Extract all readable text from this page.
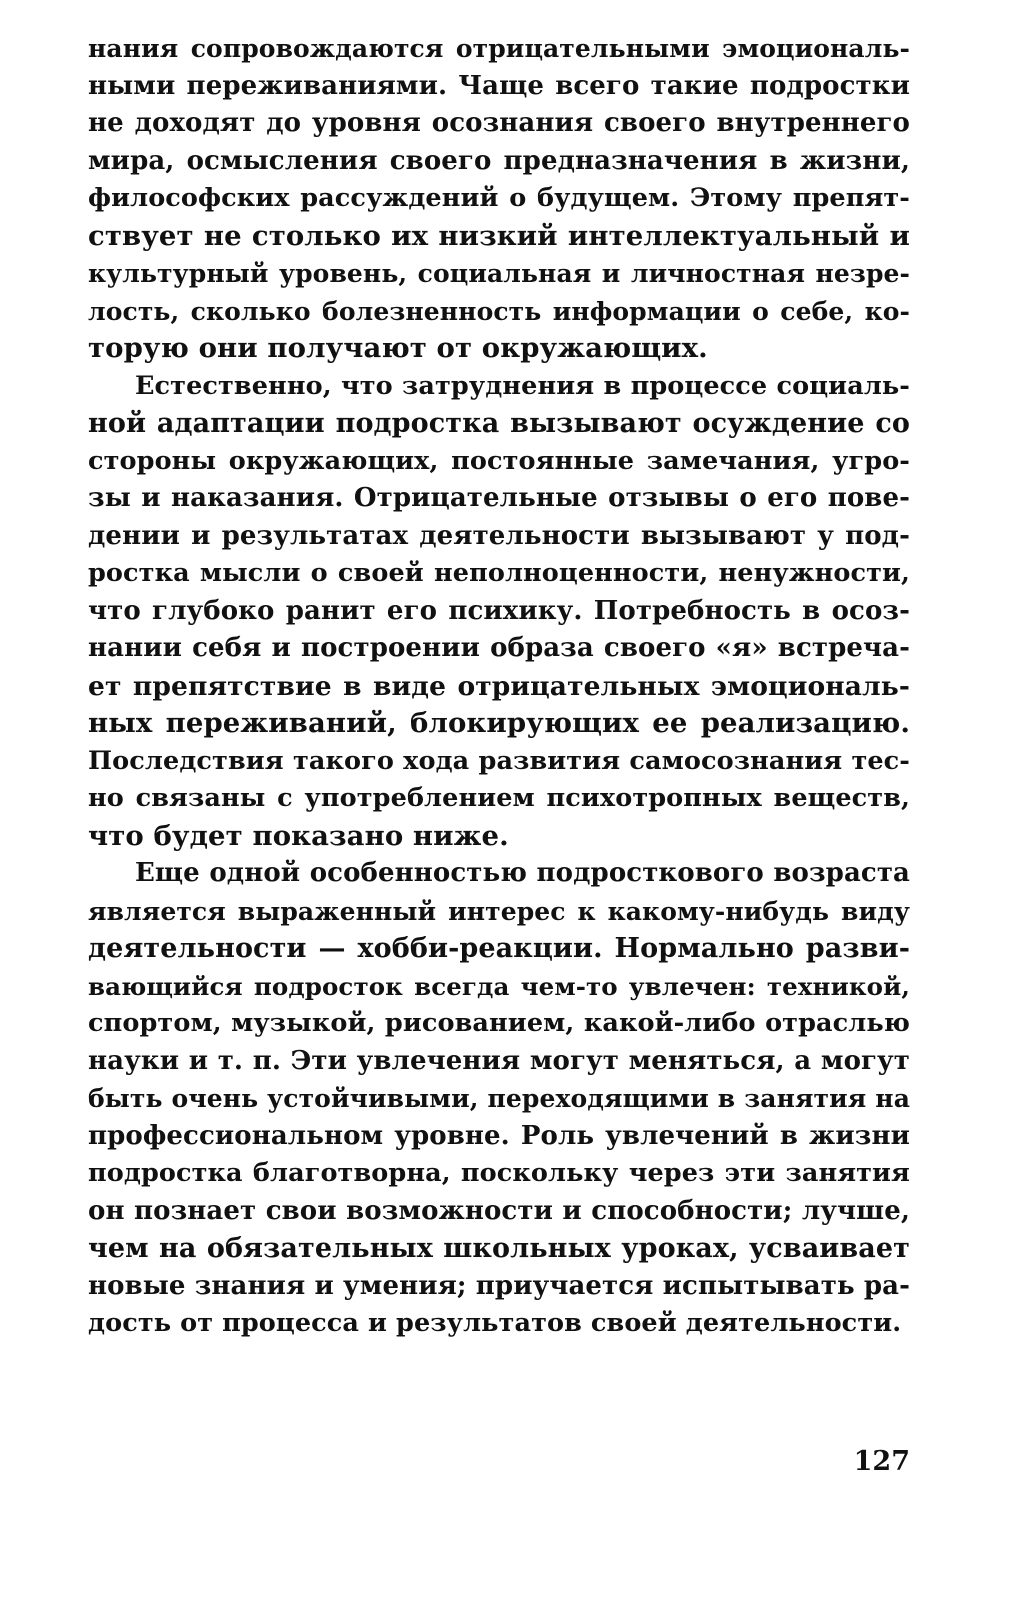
нания сопровождаются отрицательными эмоциональ-
ными переживаниями. Чаще всего такие подростки
не доходят до уровня осознания своего внутреннего
мира, осмысления своего предназначения в жизни,
философских рассуждений о будущем. Этому препят-
ствует не столько их низкий интеллектуальный и
культурный уровень, социальная и личностная незре-
лость, сколько болезненность информации о себе, ко-
торую они получают от окружающих.
Естественно, что затруднения в процессе социаль-
ной адаптации подростка вызывают осуждение со
стороны окружающих, постоянные замечания, угро-
зы и наказания. Отрицательные отзывы о его пове-
дении и результатах деятельности вызывают у под-
ростка мысли о своей неполноценности, ненужности,
что глубоко ранит его психику. Потребность в осоз-
нании себя и построении образа своего «я» встреча-
ет препятствие в виде отрицательных эмоциональ-
ных переживаний, блокирующих ее реализацию.
Последствия такого хода развития самосознания тес-
но связаны с употреблением психотропных веществ,
что будет показано ниже.
Еще одной особенностью подросткового возраста
является выраженный интерес к какому-нибудь виду
деятельности — хобби-реакции. Нормально разви-
вающийся подросток всегда чем-то увлечен: техникой,
спортом, музыкой, рисованием, какой-либо отраслью
науки и т. п. Эти увлечения могут меняться, а могут
быть очень устойчивыми, переходящими в занятия на
профессиональном уровне. Роль увлечений в жизни
подростка благотворна, поскольку через эти занятия
он познает свои возможности и способности; лучше,
чем на обязательных школьных уроках, усваивает
новые знания и умения; приучается испытывать ра-
дость от процесса и результатов своей деятельности.
127
